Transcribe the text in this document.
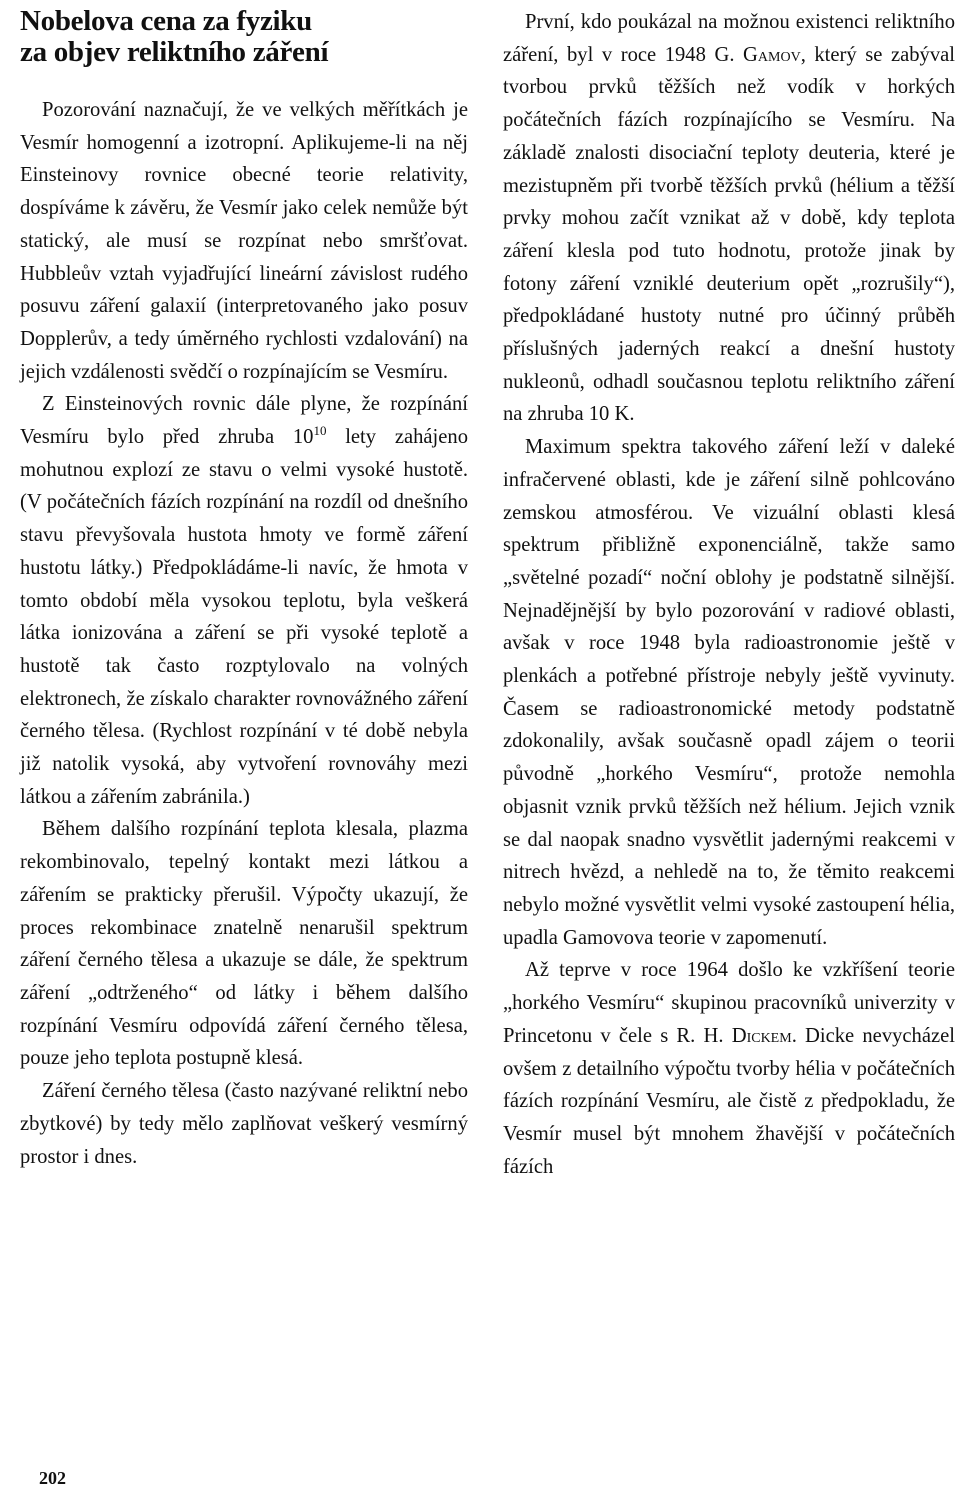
Nobelova cena za fyziku
za objev reliktního záření

Pozorování naznačují, že ve velkých měřítkách je Vesmír homogenní a izotropní. Aplikujeme-li na něj Einsteinovy rovnice obecné teorie relativity, dospíváme k závěru, že Vesmír jako celek nemůže být statický, ale musí se rozpínat nebo smršťovat. Hubbleův vztah vyjadřující lineární závislost rudého posuvu záření galaxií (interpretovaného jako posuv Dopplerův, a tedy úměrného rychlosti vzdalování) na jejich vzdálenosti svědčí o rozpínajícím se Vesmíru.

Z Einsteinových rovnic dále plyne, že rozpínání Vesmíru bylo před zhruba $10^{10}$ lety zahájeno mohutnou explozí ze stavu o velmi vysoké hustotě. (V počátečních fázích rozpínání na rozdíl od dnešního stavu převyšovala hustota hmoty ve formě záření hustotu látky.) Předpokládáme-li navíc, že hmota v tomto období měla vysokou teplotu, byla veškerá látka ionizována a záření se při vysoké teplotě a hustotě tak často rozptylovalo na volných elektronech, že získalo charakter rovnovážného záření černého tělesa. (Rychlost rozpínání v té době nebyla již natolik vysoká, aby vytvoření rovnováhy mezi látkou a zářením zabránila.)

Během dalšího rozpínání teplota klesala, plazma rekombinovalo, tepelný kontakt mezi látkou a zářením se prakticky přerušil. Výpočty ukazují, že proces rekombinace znatelně nenarušil spektrum záření černého tělesa a ukazuje se dále, že spektrum záření „odtrženého“ od látky i během dalšího rozpínání Vesmíru odpovídá záření černého tělesa, pouze jeho teplota postupně klesá.

Záření černého tělesa (často nazývané reliktní nebo zbytkové) by tedy mělo zaplňovat veškerý vesmírný prostor i dnes.

První, kdo poukázal na možnou existenci reliktního záření, byl v roce 1948 G. Gamov, který se zabýval tvorbou prvků těžších než vodík v horkých počátečních fázích rozpínajícího se Vesmíru. Na základě znalosti disociační teploty deuteria, které je mezistupněm při tvorbě těžších prvků (hélium a těžší prvky mohou začít vznikat až v době, kdy teplota záření klesla pod tuto hodnotu, protože jinak by fotony záření vzniklé deuterium opět „rozrušily“), předpokládané hustoty nutné pro účinný průběh příslušných jaderných reakcí a dnešní hustoty nukleonů, odhadl současnou teplotu reliktního záření na zhruba 10 K.

Maximum spektra takového záření leží v daleké infračervené oblasti, kde je záření silně pohlcováno zemskou atmosférou. Ve vizuální oblasti klesá spektrum přibližně exponenciálně, takže samo „světelné pozadí“ noční oblohy je podstatně silnější. Nejnadějnější by bylo pozorování v radiové oblasti, avšak v roce 1948 byla radioastronomie ještě v plenkách a potřebné přístroje nebyly ještě vyvinuty. Časem se radioastronomické metody podstatně zdokonalily, avšak současně opadl zájem o teorii původně „horkého Vesmíru“, protože nemohla objasnit vznik prvků těžších než hélium. Jejich vznik se dal naopak snadno vysvětlit jadernými reakcemi v nitrech hvězd, a nehledě na to, že těmito reakcemi nebylo možné vysvětlit velmi vysoké zastoupení hélia, upadla Gamovova teorie v zapomenutí.

Až teprve v roce 1964 došlo ke vzkříšení teorie „horkého Vesmíru“ skupinou pracovníků univerzity v Princetonu v čele s R. H. Dickem. Dicke nevycházel ovšem z detailního výpočtu tvorby hélia v počátečních fázích rozpínání Vesmíru, ale čistě z předpokladu, že Vesmír musel být mnohem žhavější v počátečních fázích

202
